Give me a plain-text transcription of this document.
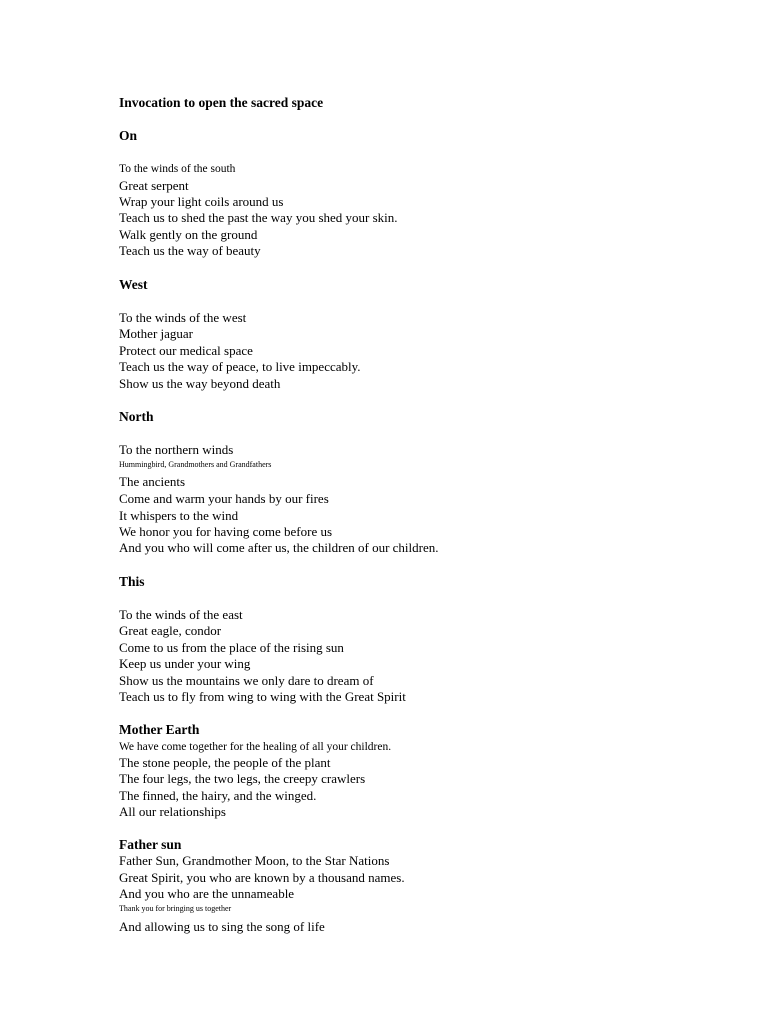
Invocation to open the sacred space

On

To the winds of the south

Great serpent

Wrap your light coils around us

Teach us to shed the past the way you shed your skin.

Walk gently on the ground

Teach us the way of beauty

West

To the winds of the west

Mother jaguar

Protect our medical space

Teach us the way of peace, to live impeccably.

Show us the way beyond death

North

To the northern winds

Hummingbird, Grandmothers and Grandfathers

The ancients

Come and warm your hands by our fires

It whispers to the wind

We honor you for having come before us

And you who will come after us, the children of our children.

This

To the winds of the east

Great eagle, condor

Come to us from the place of the rising sun

Keep us under your wing

Show us the mountains we only dare to dream of

Teach us to fly from wing to wing with the Great Spirit

Mother Earth

We have come together for the healing of all your children.

The stone people, the people of the plant

The four legs, the two legs, the creepy crawlers

The finned, the hairy, and the winged.

All our relationships

Father sun

Father Sun, Grandmother Moon, to the Star Nations

Great Spirit, you who are known by a thousand names.

And you who are the unnameable

Thank you for bringing us together

And allowing us to sing the song of life
